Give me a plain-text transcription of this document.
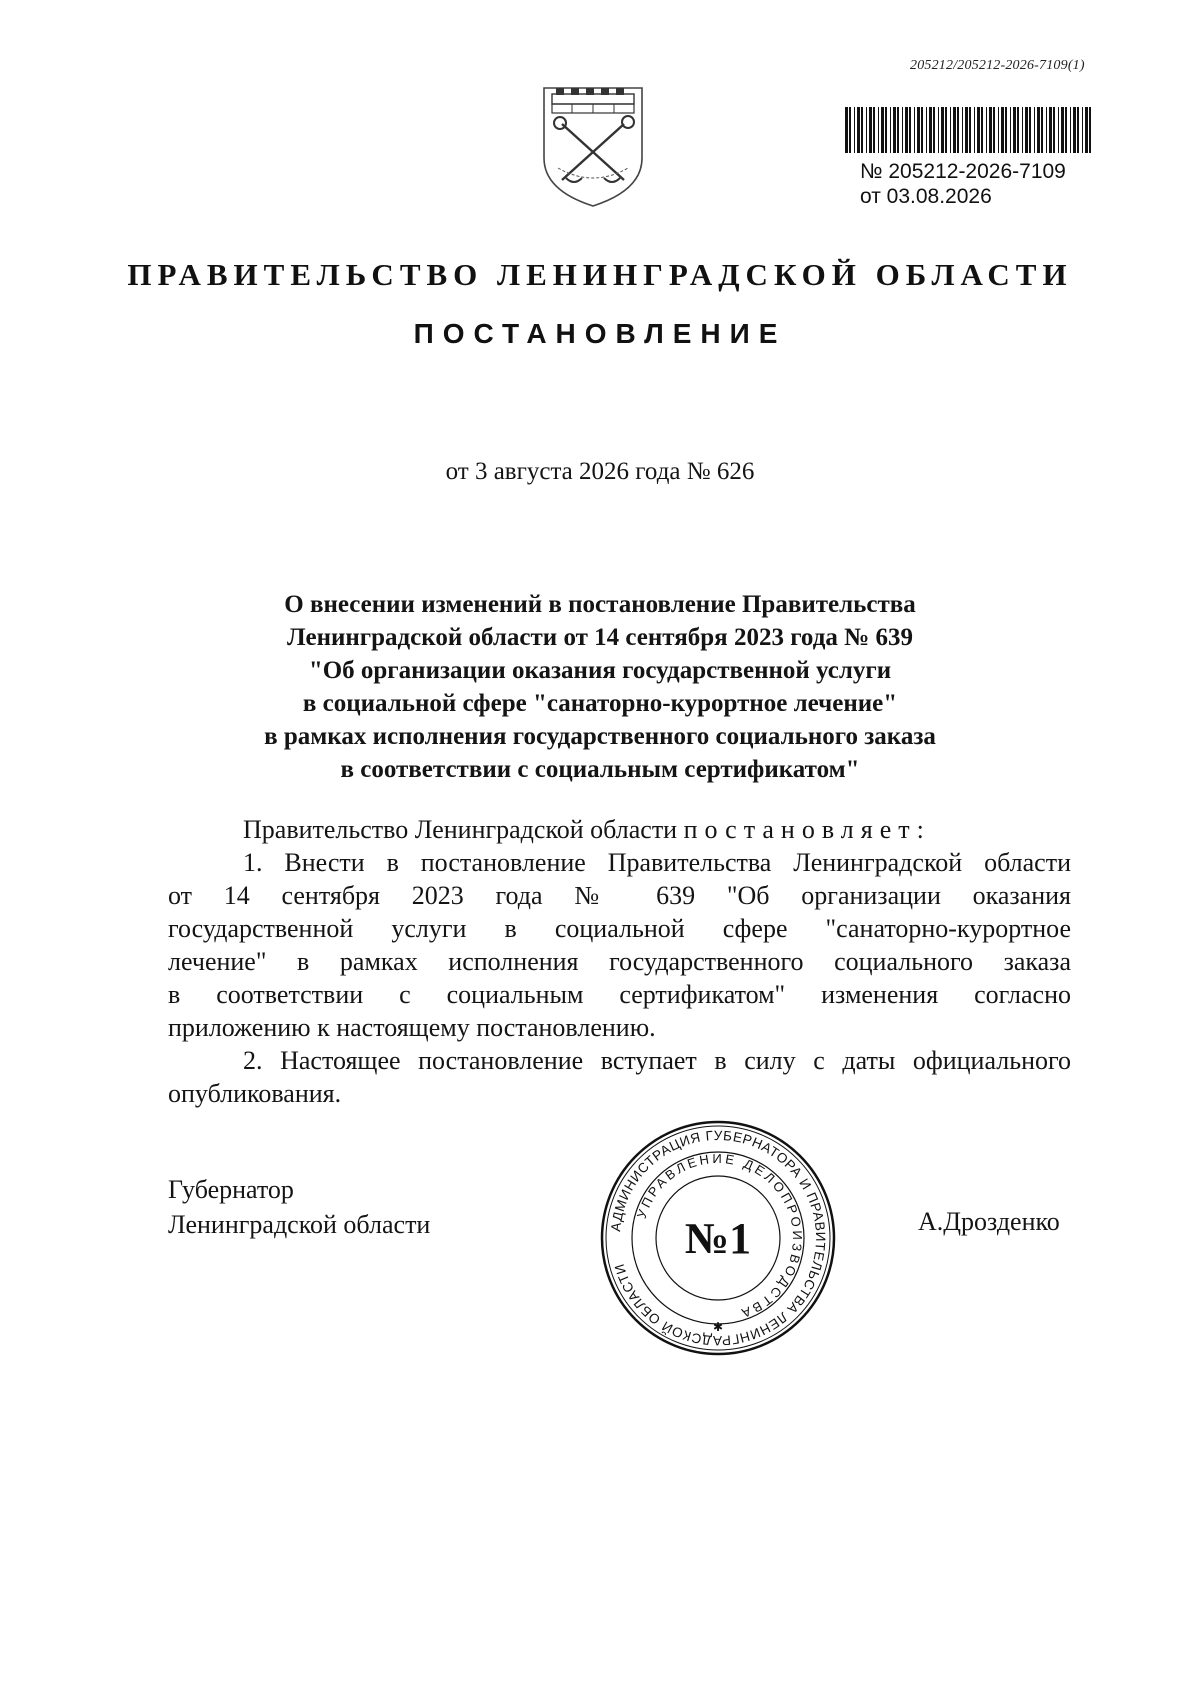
205212/205212-2026-7109(1)
№ 205212-2026-7109
от 03.08.2026
ПРАВИТЕЛЬСТВО ЛЕНИНГРАДСКОЙ ОБЛАСТИ
ПОСТАНОВЛЕНИЕ
от 3 августа 2026 года № 626
О внесении изменений в постановление Правительства
Ленинградской области от 14 сентября 2023 года № 639
"Об организации оказания государственной услуги
в социальной сфере "санаторно-курортное лечение"
в рамках исполнения государственного социального заказа
в соответствии с социальным сертификатом"
Правительство Ленинградской области постановляет:
1. Внести в постановление Правительства Ленинградской области
от 14 сентября 2023 года № 639 "Об организации оказания
государственной услуги в социальной сфере "санаторно-курортное
лечение" в рамках исполнения государственного социального заказа
в соответствии с социальным сертификатом" изменения согласно
приложению к настоящему постановлению.
2. Настоящее постановление вступает в силу с даты официального
опубликования.
Губернатор
Ленинградской области	АДМИНИСТРАЦИЯ ГУБЕРНАТОРА И ПРАВИТЕЛЬСТВА ЛЕНИНГРАДСКОЙ ОБЛАСТИ
УПРАВЛЕНИЕ ДЕЛОПРОИЗВОДСТВА
№1
✱
А.Дрозденко
